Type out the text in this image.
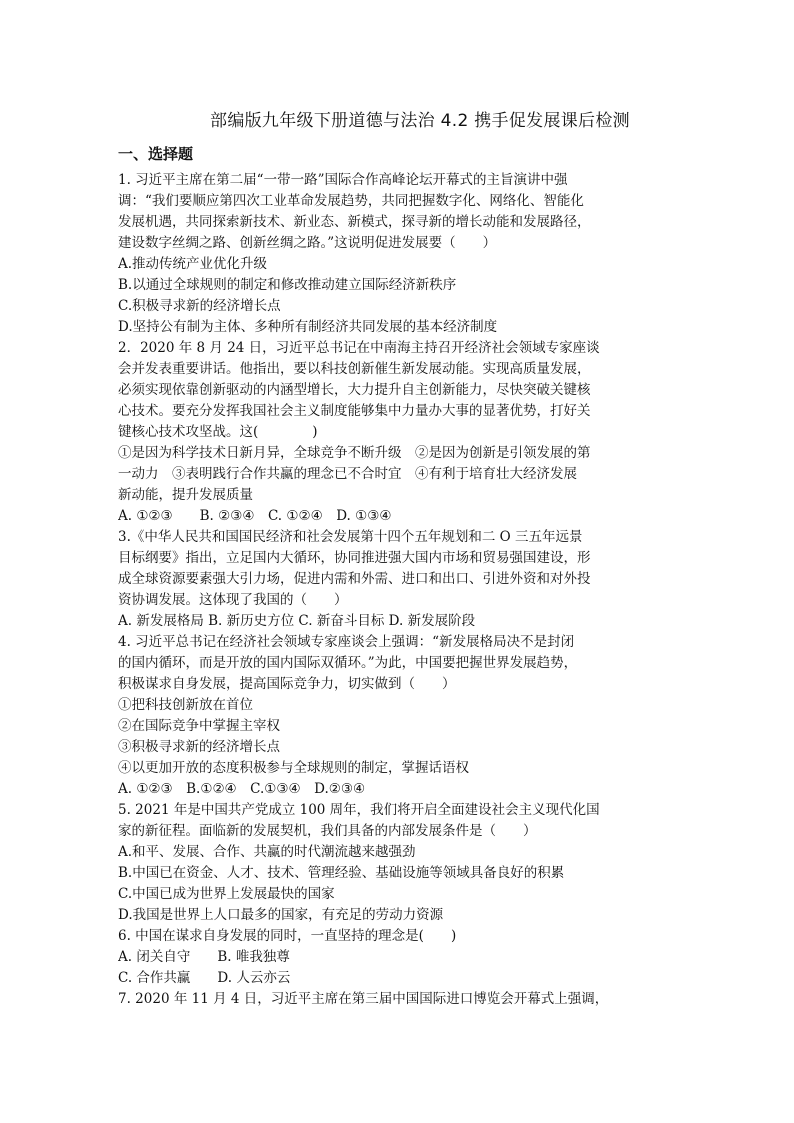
部编版九年级下册道德与法治 4.2 携手促发展课后检测
一、选择题
1. 习近平主席在第二届“一带一路”国际合作高峰论坛开幕式的主旨演讲中强
调：“我们要顺应第四次工业革命发展趋势，共同把握数字化、网络化、智能化
发展机遇，共同探索新技术、新业态、新模式，探寻新的增长动能和发展路径，
建设数字丝绸之路、创新丝绸之路。”这说明促进发展要（　　）
A.推动传统产业优化升级
B.以通过全球规则的制定和修改推动建立国际经济新秩序
C.积极寻求新的经济增长点
D.坚持公有制为主体、多种所有制经济共同发展的基本经济制度
2．2020 年 8 月 24 日，习近平总书记在中南海主持召开经济社会领域专家座谈
会并发表重要讲话。他指出，要以科技创新催生新发展动能。实现高质量发展，
必须实现依靠创新驱动的内涵型增长，大力提升自主创新能力，尽快突破关键核
心技术。要充分发挥我国社会主义制度能够集中力量办大事的显著优势，打好关
键核心技术攻坚战。这(　　　　)
①是因为科学技术日新月异，全球竞争不断升级　②是因为创新是引领发展的第
一动力　③表明践行合作共赢的理念已不合时宜　④有利于培育壮大经济发展
新动能，提升发展质量
A. ①②③　　B. ②③④　C. ①②④　D. ①③④
3.《中华人民共和国国民经济和社会发展第十四个五年规划和二 O 三五年远景
目标纲要》指出，立足国内大循环，协同推进强大国内市场和贸易强国建设，形
成全球资源要素强大引力场，促进内需和外需、进口和出口、引进外资和对外投
资协调发展。这体现了我国的（　　）
A. 新发展格局 B. 新历史方位 C. 新奋斗目标 D. 新发展阶段
4. 习近平总书记在经济社会领域专家座谈会上强调：“新发展格局决不是封闭
的国内循环，而是开放的国内国际双循环。”为此，中国要把握世界发展趋势，
积极谋求自身发展，提高国际竞争力，切实做到（　　）
①把科技创新放在首位
②在国际竞争中掌握主宰权
③积极寻求新的经济增长点
④以更加开放的态度积极参与全球规则的制定，掌握话语权
A. ①②③　B.①②④　C.①③④　D.②③④
5. 2021 年是中国共产党成立 100 周年，我们将开启全面建设社会主义现代化国
家的新征程。面临新的发展契机，我们具备的内部发展条件是（　　）
A.和平、发展、合作、共赢的时代潮流越来越强劲
B.中国已在资金、人才、技术、管理经验、基础设施等领域具备良好的积累
C.中国已成为世界上发展最快的国家
D.我国是世界上人口最多的国家，有充足的劳动力资源
6. 中国在谋求自身发展的同时，一直坚持的理念是(　　)
A. 闭关自守　　B. 唯我独尊
C. 合作共赢　　D. 人云亦云
7. 2020 年 11 月 4 日，习近平主席在第三届中国国际进口博览会开幕式上强调，
